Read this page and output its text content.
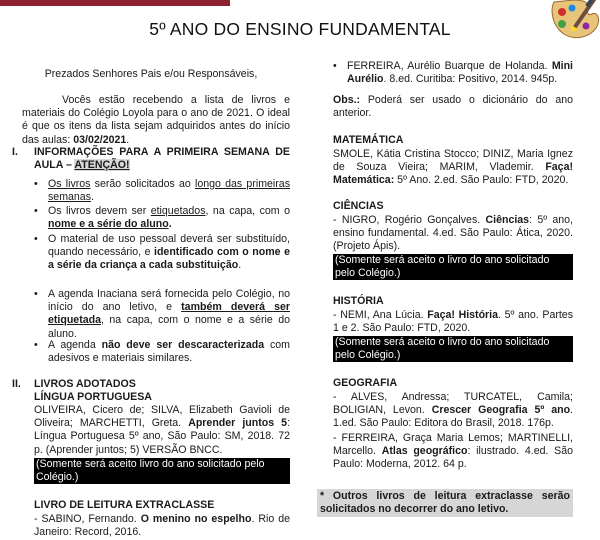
5º ANO DO ENSINO FUNDAMENTAL
Prezados Senhores Pais e/ou Responsáveis,
Vocês estão recebendo a lista de livros e materiais do Colégio Loyola para o ano de 2021. O ideal é que os itens da lista sejam adquiridos antes do início das aulas: 03/02/2021.
I. INFORMAÇÕES PARA A PRIMEIRA SEMANA DE AULA – ATENÇÃO!
• Os livros serão solicitados ao longo das primeiras semanas.
• Os livros devem ser etiquetados, na capa, com o nome e a série do aluno.
• O material de uso pessoal deverá ser substituído, quando necessário, e identificado com o nome e a série da criança a cada substituição.
• A agenda Inaciana será fornecida pelo Colégio, no início do ano letivo, e também deverá ser etiquetada, na capa, com o nome e a série do aluno.
• A agenda não deve ser descaracterizada com adesivos e materiais similares.
II. LIVROS ADOTADOS
LÍNGUA PORTUGUESA
OLIVEIRA, Cicero de; SILVA, Elizabeth Gavioli de Oliveira; MARCHETTI, Greta. Aprender juntos 5: Língua Portuguesa 5º ano, São Paulo: SM, 2018. 72 p. (Aprender juntos; 5) VERSÃO BNCC.
(Somente será aceito livro do ano solicitado pelo Colégio.)
LIVRO DE LEITURA EXTRACLASSE
- SABINO, Fernando. O menino no espelho. Rio de Janeiro: Record, 2016.
• FERREIRA, Aurélio Buarque de Holanda. Mini Aurélio. 8.ed. Curitiba: Positivo, 2014. 945p.
Obs.: Poderá ser usado o dicionário do ano anterior.
MATEMÁTICA
SMOLE, Kátia Cristina Stocco; DINIZ, Maria Ignez de Souza Vieira; MARIM, Vlademir. Faça! Matemática: 5º Ano. 2.ed. São Paulo: FTD, 2020.
CIÊNCIAS
- NIGRO, Rogério Gonçalves. Ciências: 5º ano, ensino fundamental. 4.ed. São Paulo: Ática, 2020. (Projeto Ápis).
(Somente será aceito o livro do ano solicitado pelo Colégio.)
HISTÓRIA
- NEMI, Ana Lúcia. Faça! História. 5º ano. Partes 1 e 2. São Paulo: FTD, 2020.
(Somente será aceito o livro do ano solicitado pelo Colégio.)
GEOGRAFIA
- ALVES, Andressa; TURCATEL, Camila; BOLIGIAN, Levon. Crescer Geografia 5º ano. 1.ed. São Paulo: Editora do Brasil, 2018. 176p.
- FERREIRA, Graça Maria Lemos; MARTINELLI, Marcello. Atlas geográfico: ilustrado. 4.ed. São Paulo: Moderna, 2012. 64 p.
* Outros livros de leitura extraclasse serão solicitados no decorrer do ano letivo.
